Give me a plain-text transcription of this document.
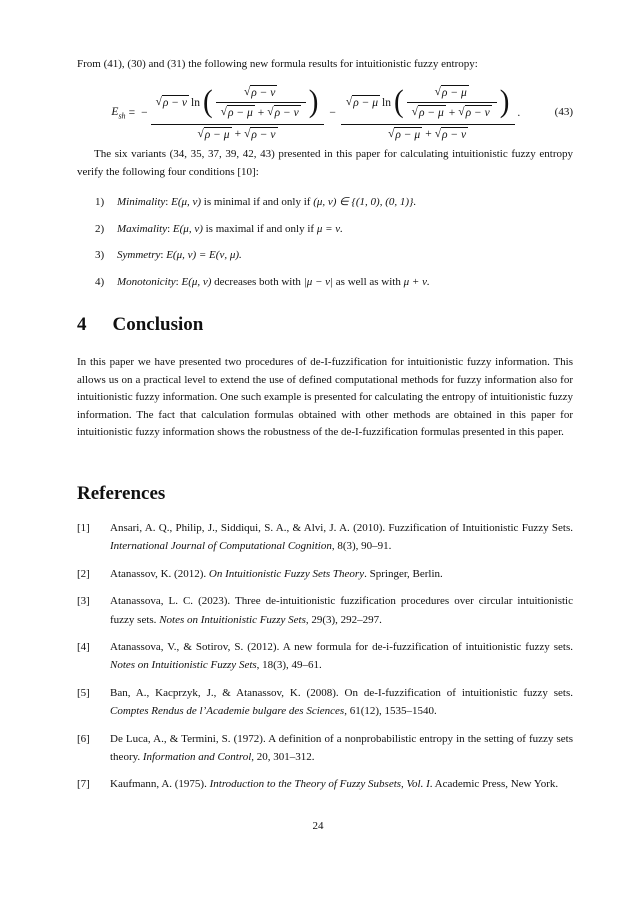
From (41), (30) and (31) the following new formula results for intuitionistic fuzzy entropy:
$E_{sh}$ = −
√ ρ − ν ln ( $\frac{√ \rho - \nu}{√ \rho - \mu + √ \rho - \nu}$ )
√ ρ − μ + √ ρ − ν
−
√ ρ − μ ln ( $\frac{√ \rho - \mu}{√ \rho - \mu + √ \rho - \nu}$ )
√ ρ − μ + √ ρ − ν
.	(43)
The six variants (34, 35, 37, 39, 42, 43) presented in this paper for calculating intuitionistic fuzzy entropy verify the following four conditions [10]:
1) Minimality: E(μ, ν) is minimal if and only if (μ, ν) ∈ {(1, 0), (0, 1)}.
2) Maximality: E(μ, ν) is maximal if and only if μ = ν.
3) Symmetry: E(μ, ν) = E(ν, μ).
4) Monotonicity: E(μ, ν) decreases both with |μ − ν| as well as with μ + ν.
4 Conclusion
In this paper we have presented two procedures of de-I-fuzzification for intuitionistic fuzzy information. This allows us on a practical level to extend the use of defined computational methods for fuzzy information also for intuitionistic fuzzy information. One such example is presented for calculating the entropy of intuitionistic fuzzy information. The fact that calculation formulas obtained with other methods are obtained in this paper for intuitionistic fuzzy information shows the robustness of the de-I-fuzzification formulas presented in this paper.
References
[1] Ansari, A. Q., Philip, J., Siddiqui, S. A., & Alvi, J. A. (2010). Fuzzification of Intuitionistic Fuzzy Sets. International Journal of Computational Cognition, 8(3), 90–91.
[2] Atanassov, K. (2012). On Intuitionistic Fuzzy Sets Theory. Springer, Berlin.
[3] Atanassova, L. C. (2023). Three de-intuitionistic fuzzification procedures over circular intuitionistic fuzzy sets. Notes on Intuitionistic Fuzzy Sets, 29(3), 292–297.
[4] Atanassova, V., & Sotirov, S. (2012). A new formula for de-i-fuzzification of intuitionistic fuzzy sets. Notes on Intuitionistic Fuzzy Sets, 18(3), 49–61.
[5] Ban, A., Kacprzyk, J., & Atanassov, K. (2008). On de-I-fuzzification of intuitionistic fuzzy sets. Comptes Rendus de l’Academie bulgare des Sciences, 61(12), 1535–1540.
[6] De Luca, A., & Termini, S. (1972). A definition of a nonprobabilistic entropy in the setting of fuzzy sets theory. Information and Control, 20, 301–312.
[7] Kaufmann, A. (1975). Introduction to the Theory of Fuzzy Subsets, Vol. I. Academic Press, New York.
24
